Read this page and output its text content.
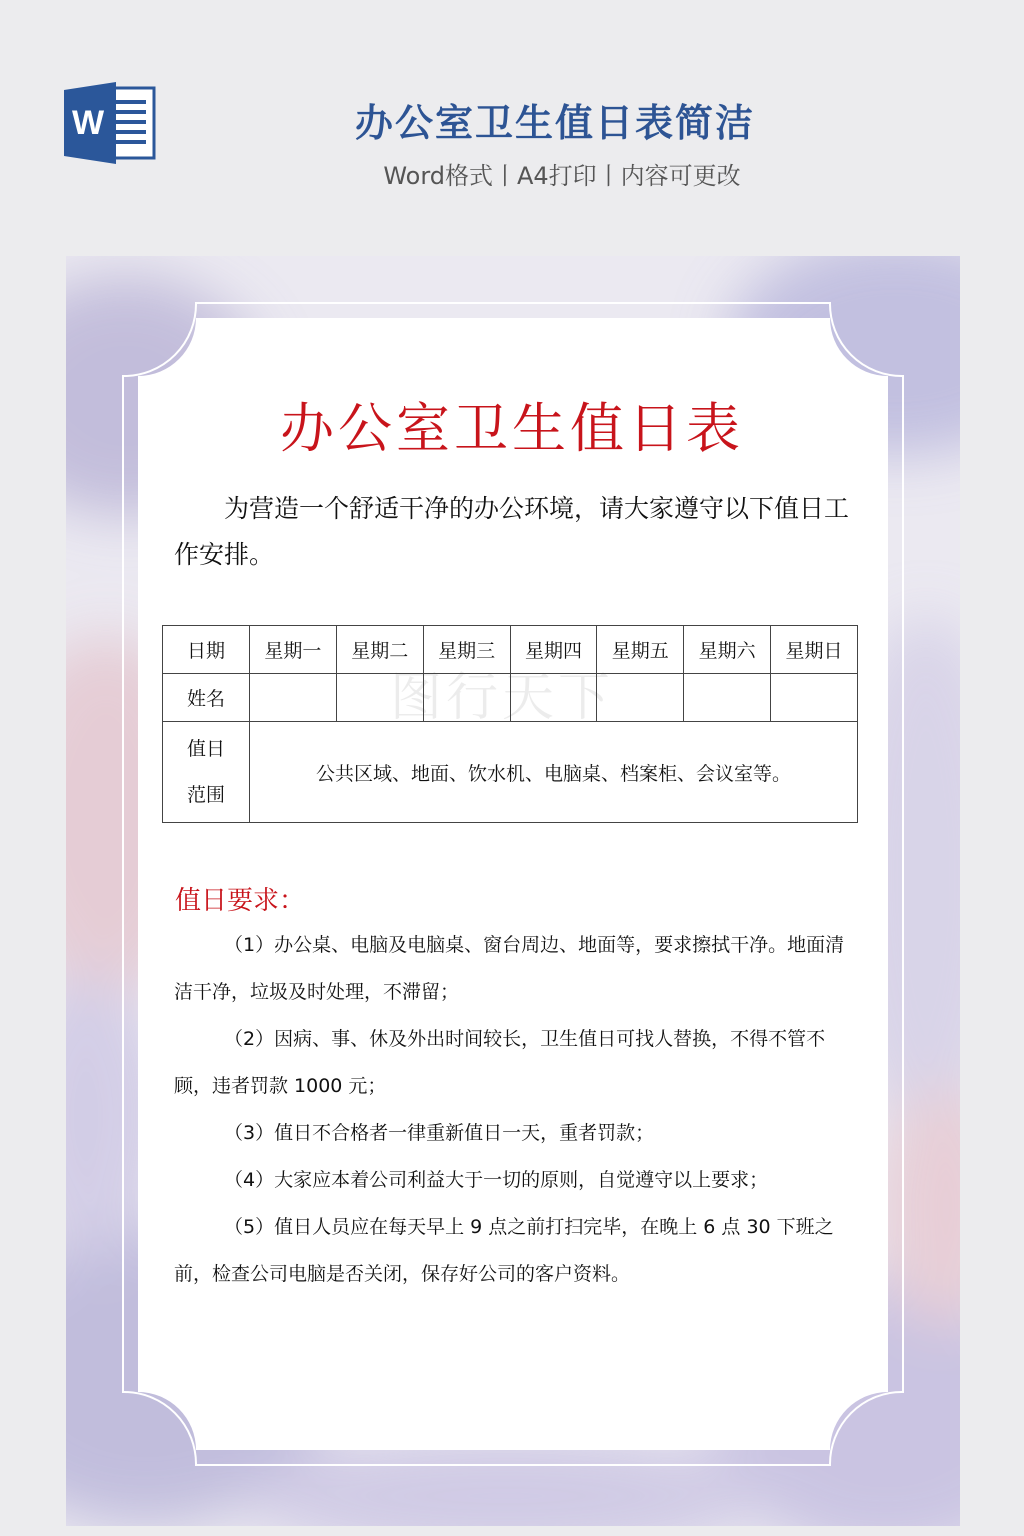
W	办公室卫生值日表简洁
Word格式丨A4打印丨内容可更改
图行天下
办公室卫生值日表
为营造一个舒适干净的办公环境，请大家遵守以下值日工作安排。
日期	星期一	星期二	星期三	星期四	星期五	星期六	星期日
姓名							

值日
范围	公共区域、地面、饮水机、电脑桌、档案柜、会议室等。						
值日要求：

（1）办公桌、电脑及电脑桌、窗台周边、地面等，要求擦拭干净。地面清洁干净，垃圾及时处理，不滞留；

（2）因病、事、休及外出时间较长，卫生值日可找人替换，不得不管不顾，违者罚款 1000 元；

（3）值日不合格者一律重新值日一天，重者罚款；

（4）大家应本着公司利益大于一切的原则，自觉遵守以上要求；

（5）值日人员应在每天早上 9 点之前打扫完毕，在晚上 6 点 30 下班之前，检查公司电脑是否关闭，保存好公司的客户资料。
